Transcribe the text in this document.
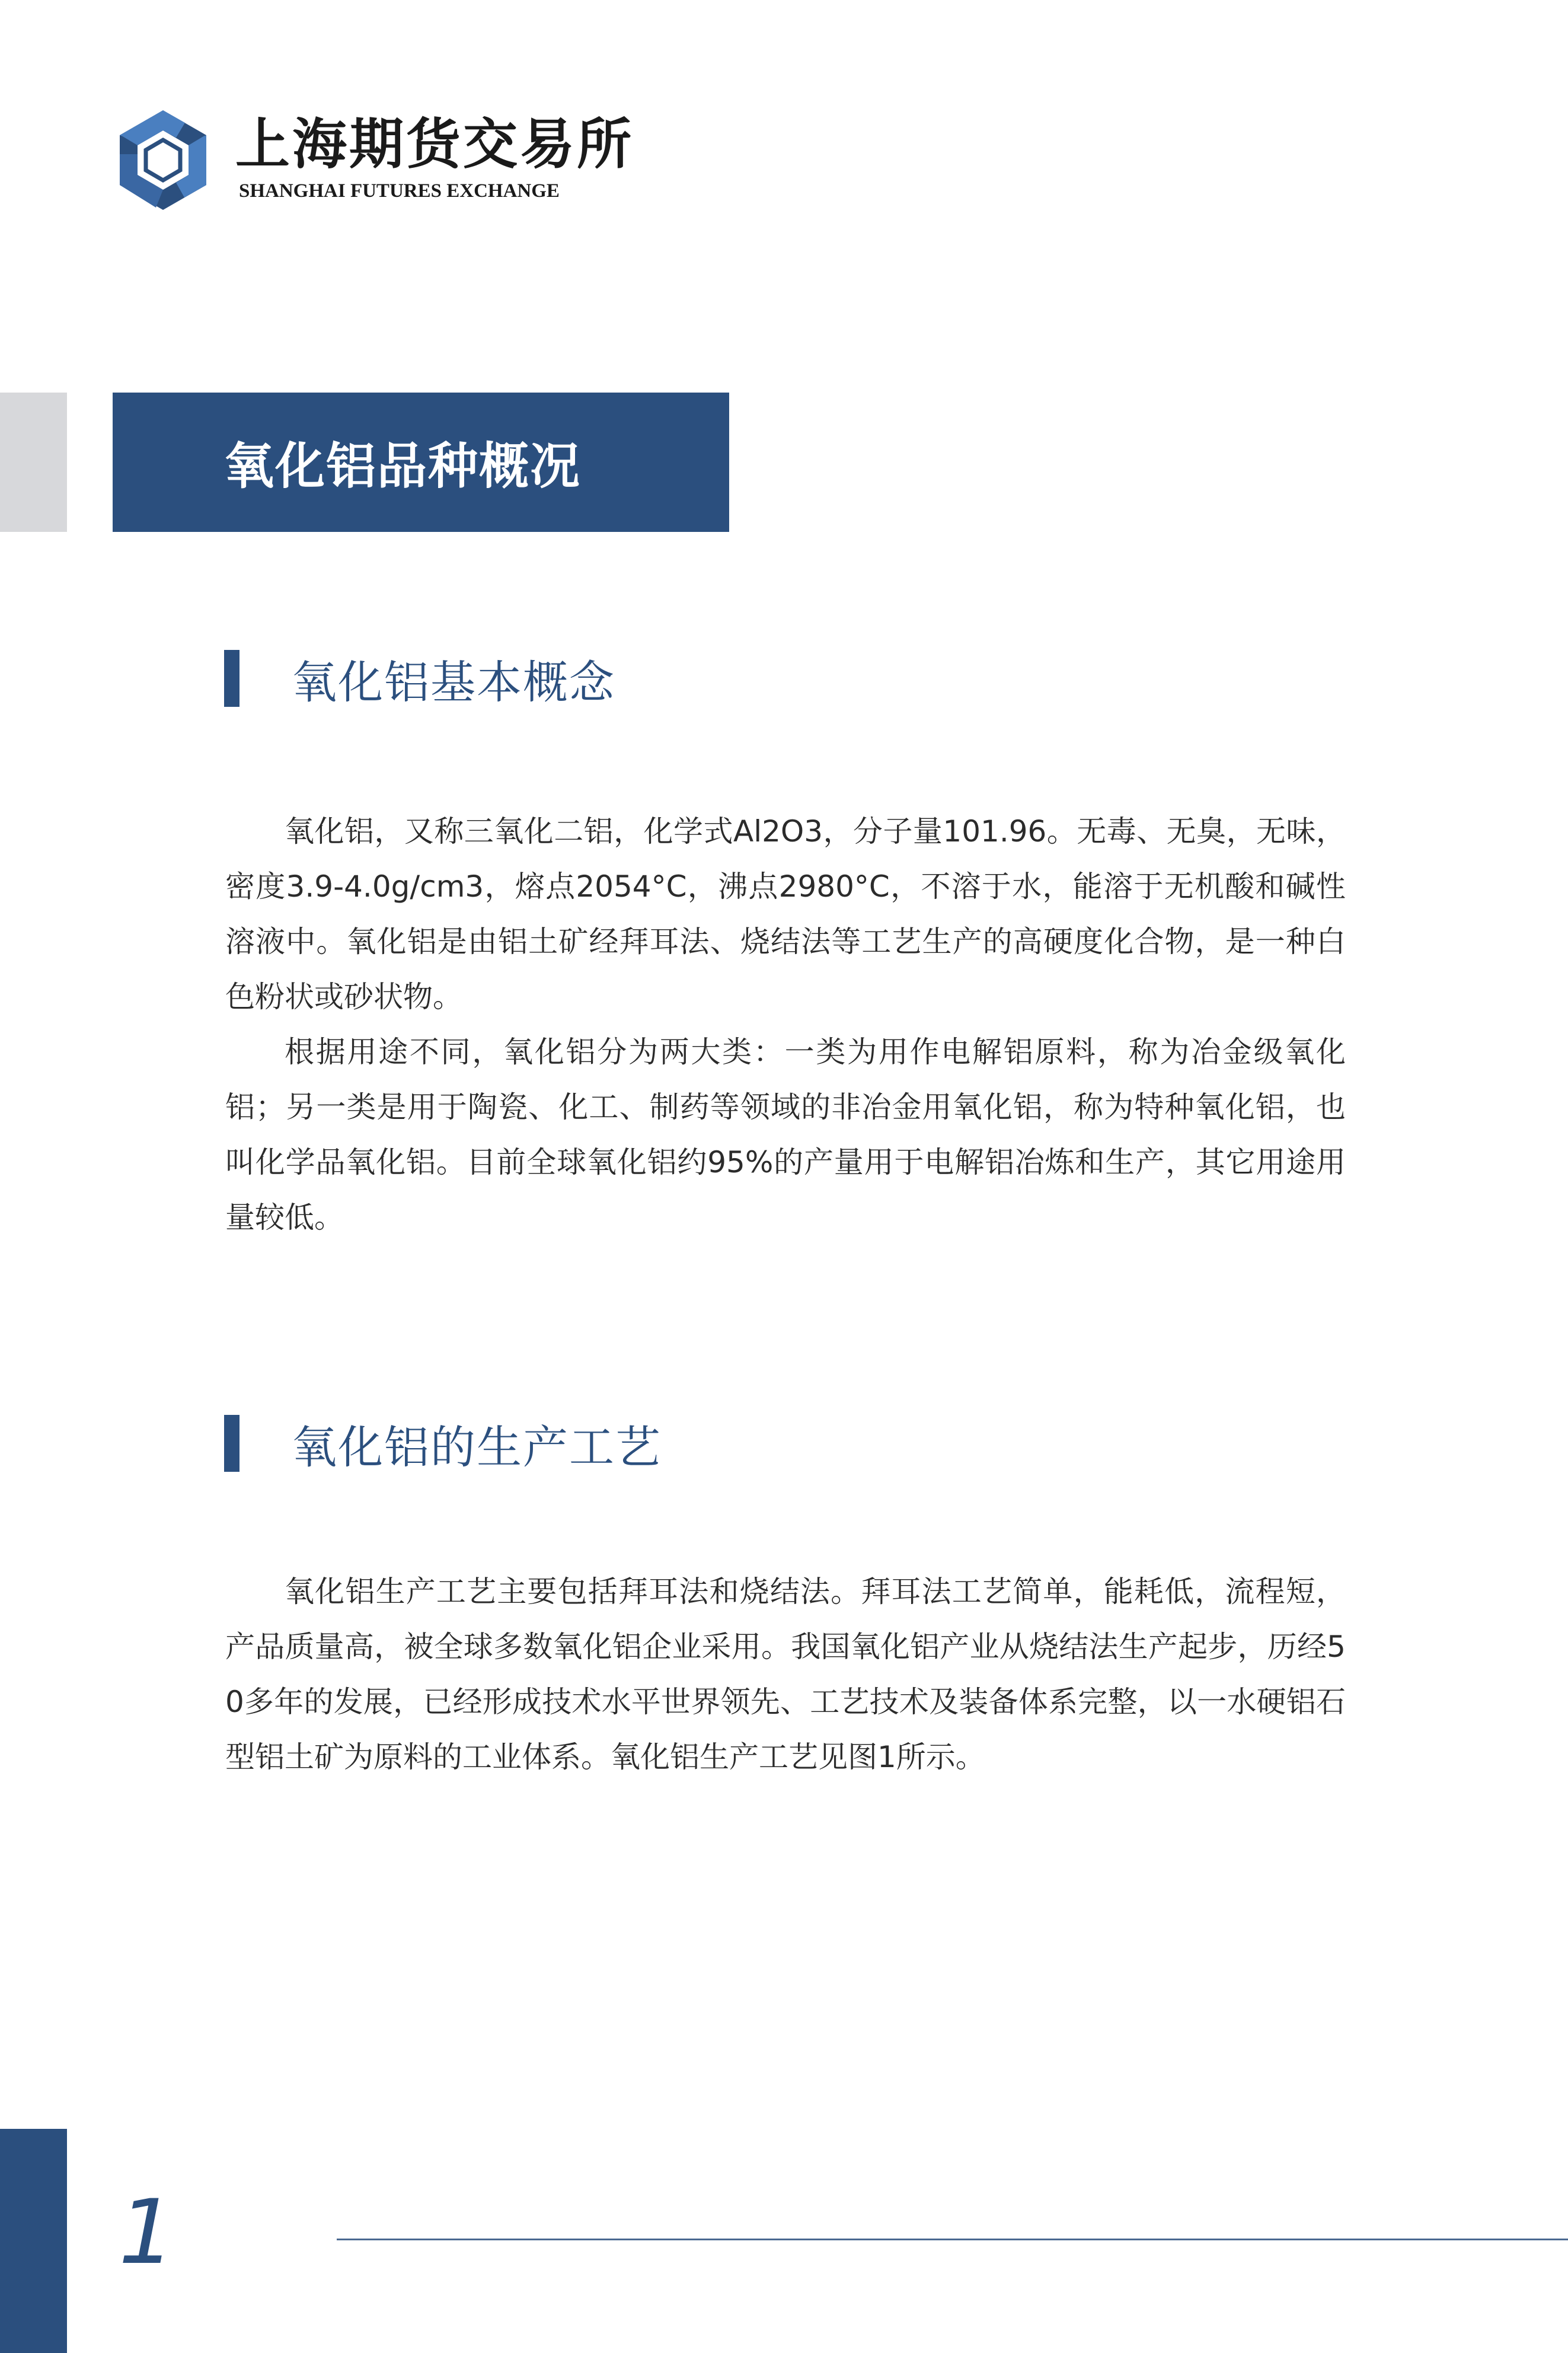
上海期货交易所
SHANGHAI FUTURES EXCHANGE
氧化铝品种概况
氧化铝基本概念

氧化铝，又称三氧化二铝，化学式Al2O3，分子量101.96。无毒、无臭，无味，密度3.9-4.0g/cm3，熔点2054°C，沸点2980°C，不溶于水，能溶于无机酸和碱性溶液中。氧化铝是由铝土矿经拜耳法、烧结法等工艺生产的高硬度化合物，是一种白色粉状或砂状物。

根据用途不同，氧化铝分为两大类：一类为用作电解铝原料，称为冶金级氧化铝；另一类是用于陶瓷、化工、制药等领域的非冶金用氧化铝，称为特种氧化铝，也叫化学品氧化铝。目前全球氧化铝约95%的产量用于电解铝冶炼和生产，其它用途用量较低。

氧化铝的生产工艺

氧化铝生产工艺主要包括拜耳法和烧结法。拜耳法工艺简单，能耗低，流程短，产品质量高，被全球多数氧化铝企业采用。我国氧化铝产业从烧结法生产起步，历经50多年的发展，已经形成技术水平世界领先、工艺技术及装备体系完整，以一水硬铝石型铝土矿为原料的工业体系。氧化铝生产工艺见图1所示。

1
